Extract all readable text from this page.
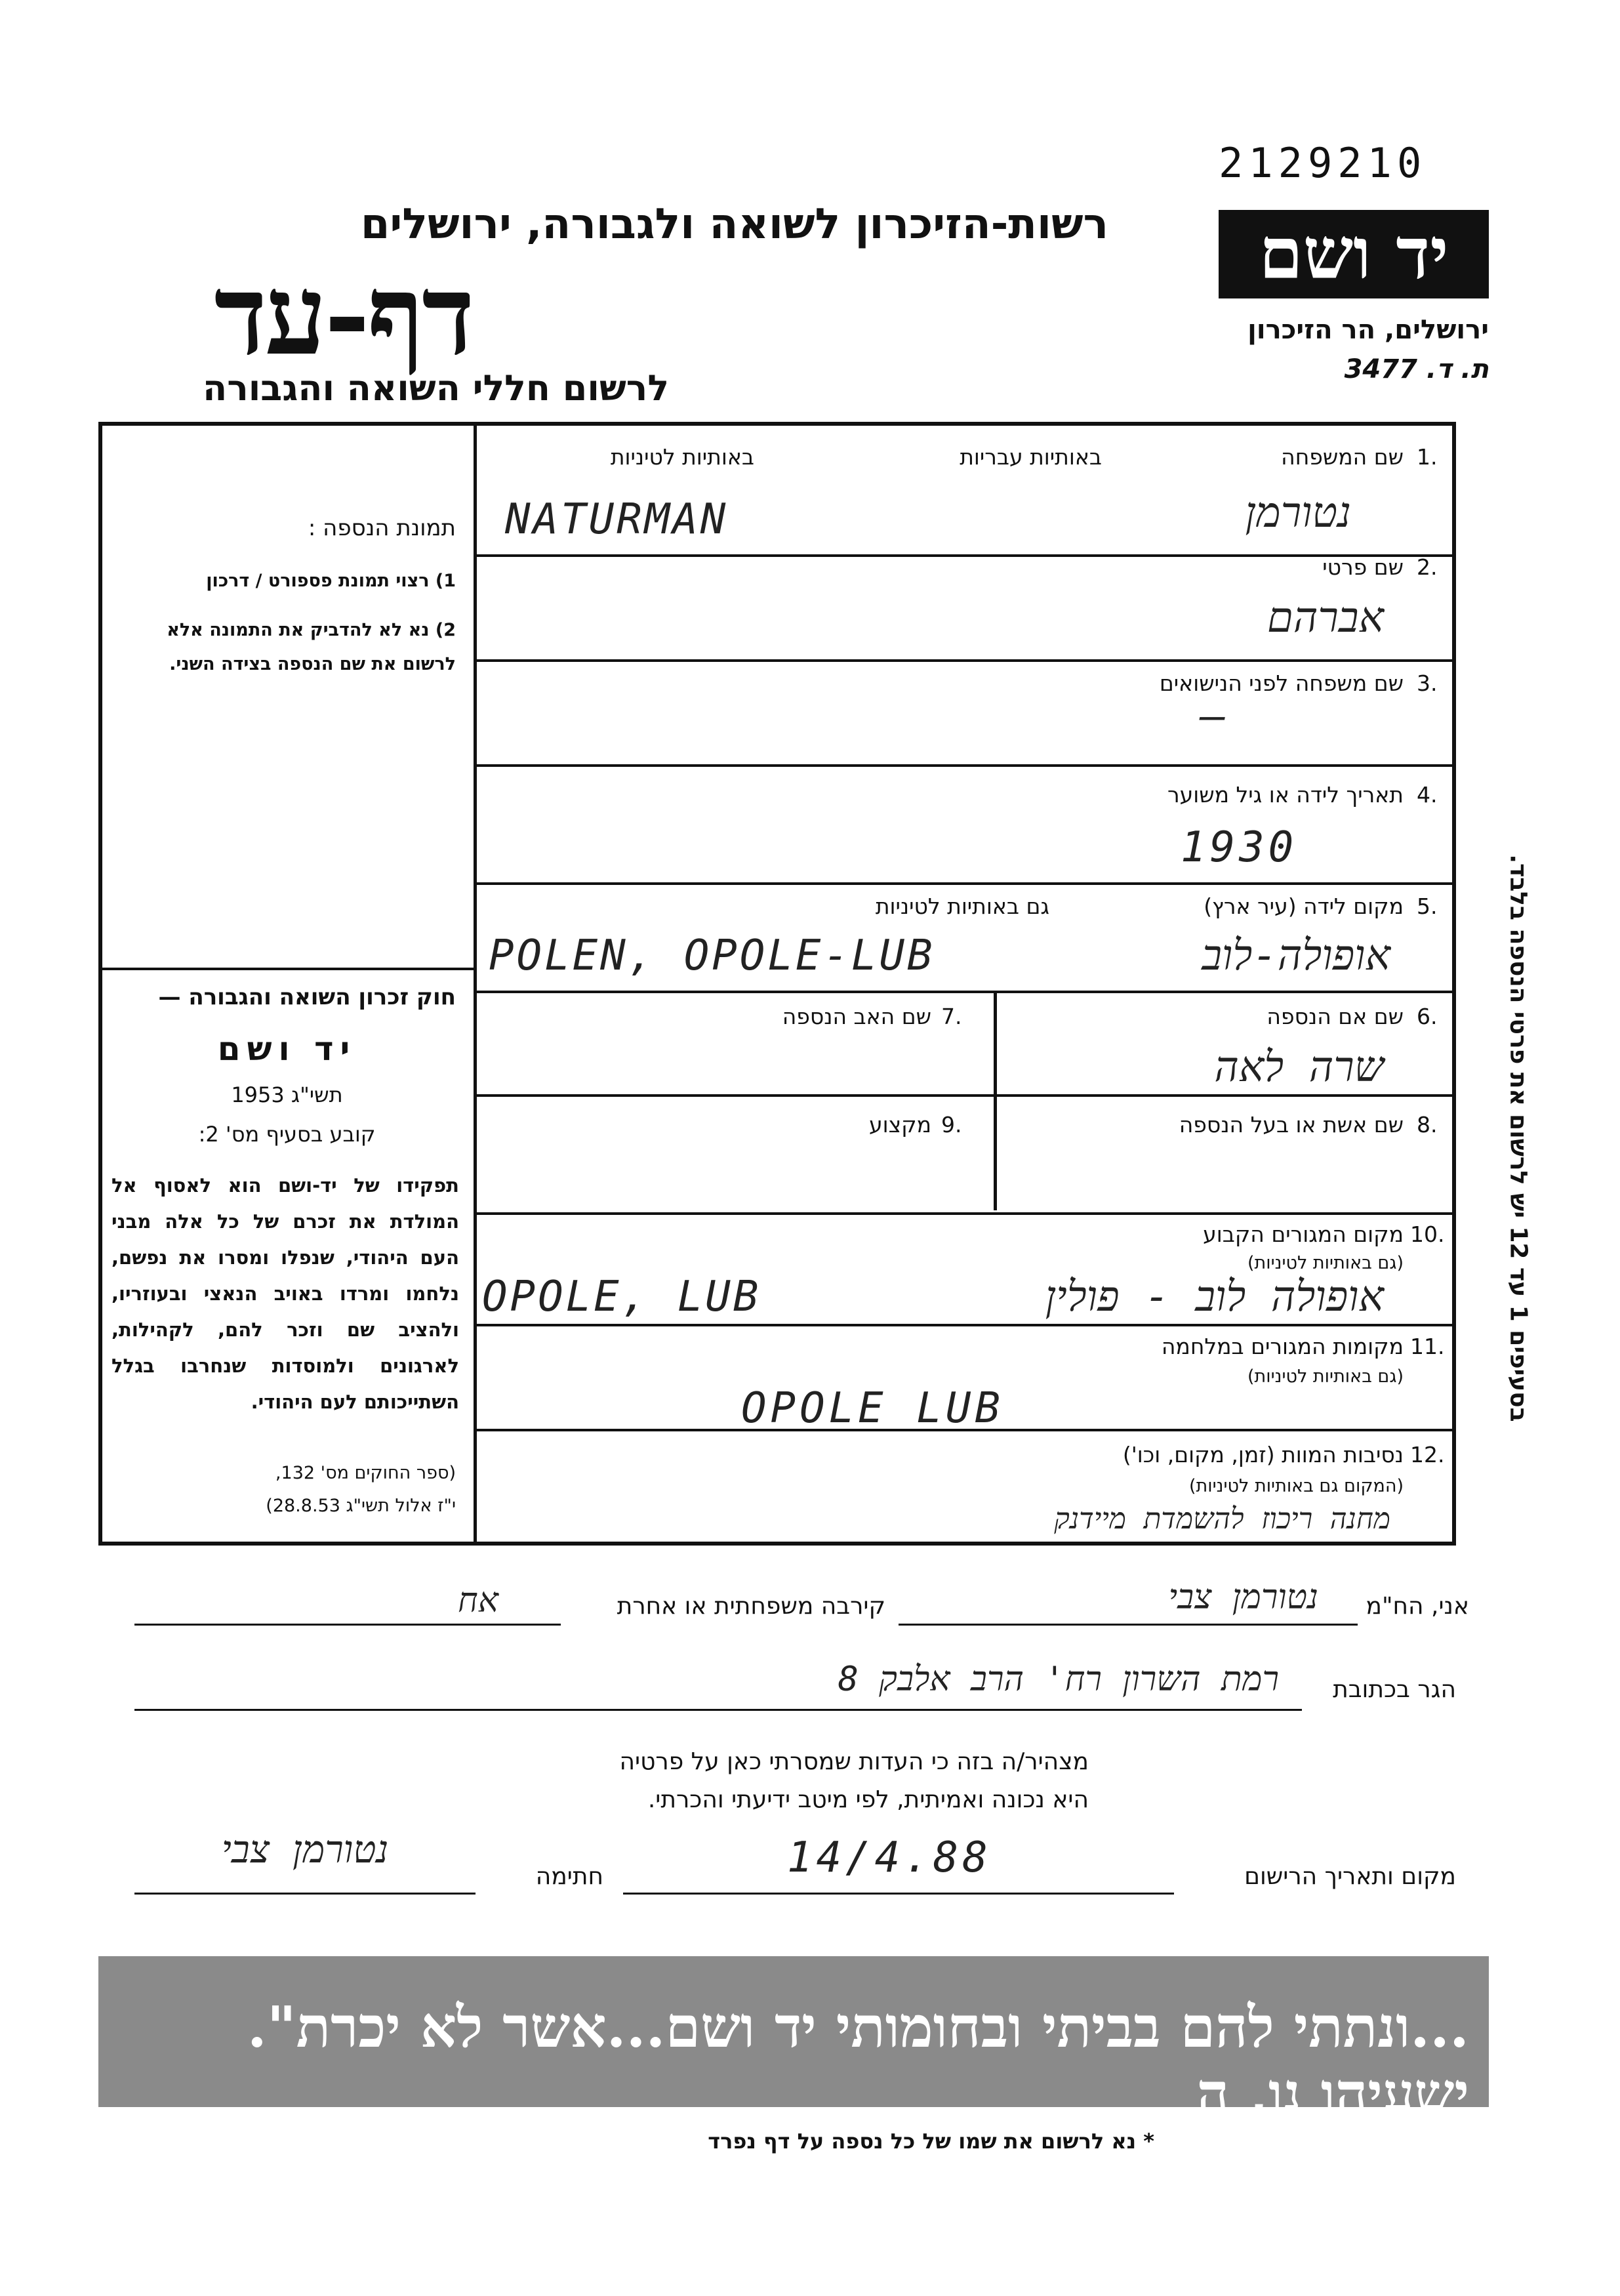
2129210
יד ושם
ירושלים, הר הזיכרון
ת. ד. 3477
רשות-הזיכרון לשואה ולגבורה, ירושלים
דף-עד
לרשום חללי השואה והגבורה
תמונת הנספה :
1) רצוי תמונת פספורט / דרכון
2) נא לא להדביק את התמונה אלא לרשום את שם הנספה בצידה השני.
חוק זכרון השואה והגבורה —
יד ושם
תשי"ג 1953
קובע בסעיף מס' 2:
תפקידו של יד-ושם הוא לאסוף אל המולדת את זכרם של כל אלה מבני העם היהודי, שנפלו ומסרו את נפשם, נלחמו ומרדו באויב הנאצי ובעוזריו, ולהציב שם וזכר להם, לקהילות, לארגונים ולמוסדות שנחרבו בגלל השתייכותם לעם היהודי.
(ספר החוקים מס' 132,
י"ז אלול תשי"ג 28.8.53)
1.
שם המשפחה
באותיות עבריות
באותיות לטיניות
NATURMAN	נטורמן
2.
שם פרטי
אברהם
3.
שם משפחה לפני הנישואים
—
4.
תאריך לידה או גיל משוער
1930
5.
מקום לידה (עיר ארץ)
גם באותיות לטיניות
POLEN, OPOLE-LUB	אופולה-לוב
6.
שם אם הנספה
שרה לאה
7.
שם האב הנספה
8.
שם אשת או בעל הנספה
9.
מקצוע
10.
מקום המגורים הקבוע
(גם באותיות לטיניות)
OPOLE, LUB	אופולה לוב - פולין
11.
מקומות המגורים במלחמה
(גם באותיות לטיניות)
OPOLE LUB
12.
נסיבות המוות (זמן, מקום, וכו')
(המקום גם באותיות לטיניות)
מחנה ריכוז להשמדת מיידנק
אני, הח"מ
נטורמן צבי
קירבה משפחתית או אחרת
אח
הגר בכתובת
רמת השרון רח' הרב אלבק 8
מצהיר/ה בזה כי העדות שמסרתי כאן על פרטיה
היא נכונה ואמיתית, לפי מיטב ידיעתי והכרתי.
מקום ותאריך הרישום
14/4.88
חתימה
נטורמן צבי
...ונתתי להם בביתי ובחומותי יד ושם...אשר לא יכרת". ישעיהו נו, ה
* נא לרשום את שמו של כל נספה על דף נפרד
בסעיפים 1 עד 12 יש לרשום את פרטי הנספה בלבד.
